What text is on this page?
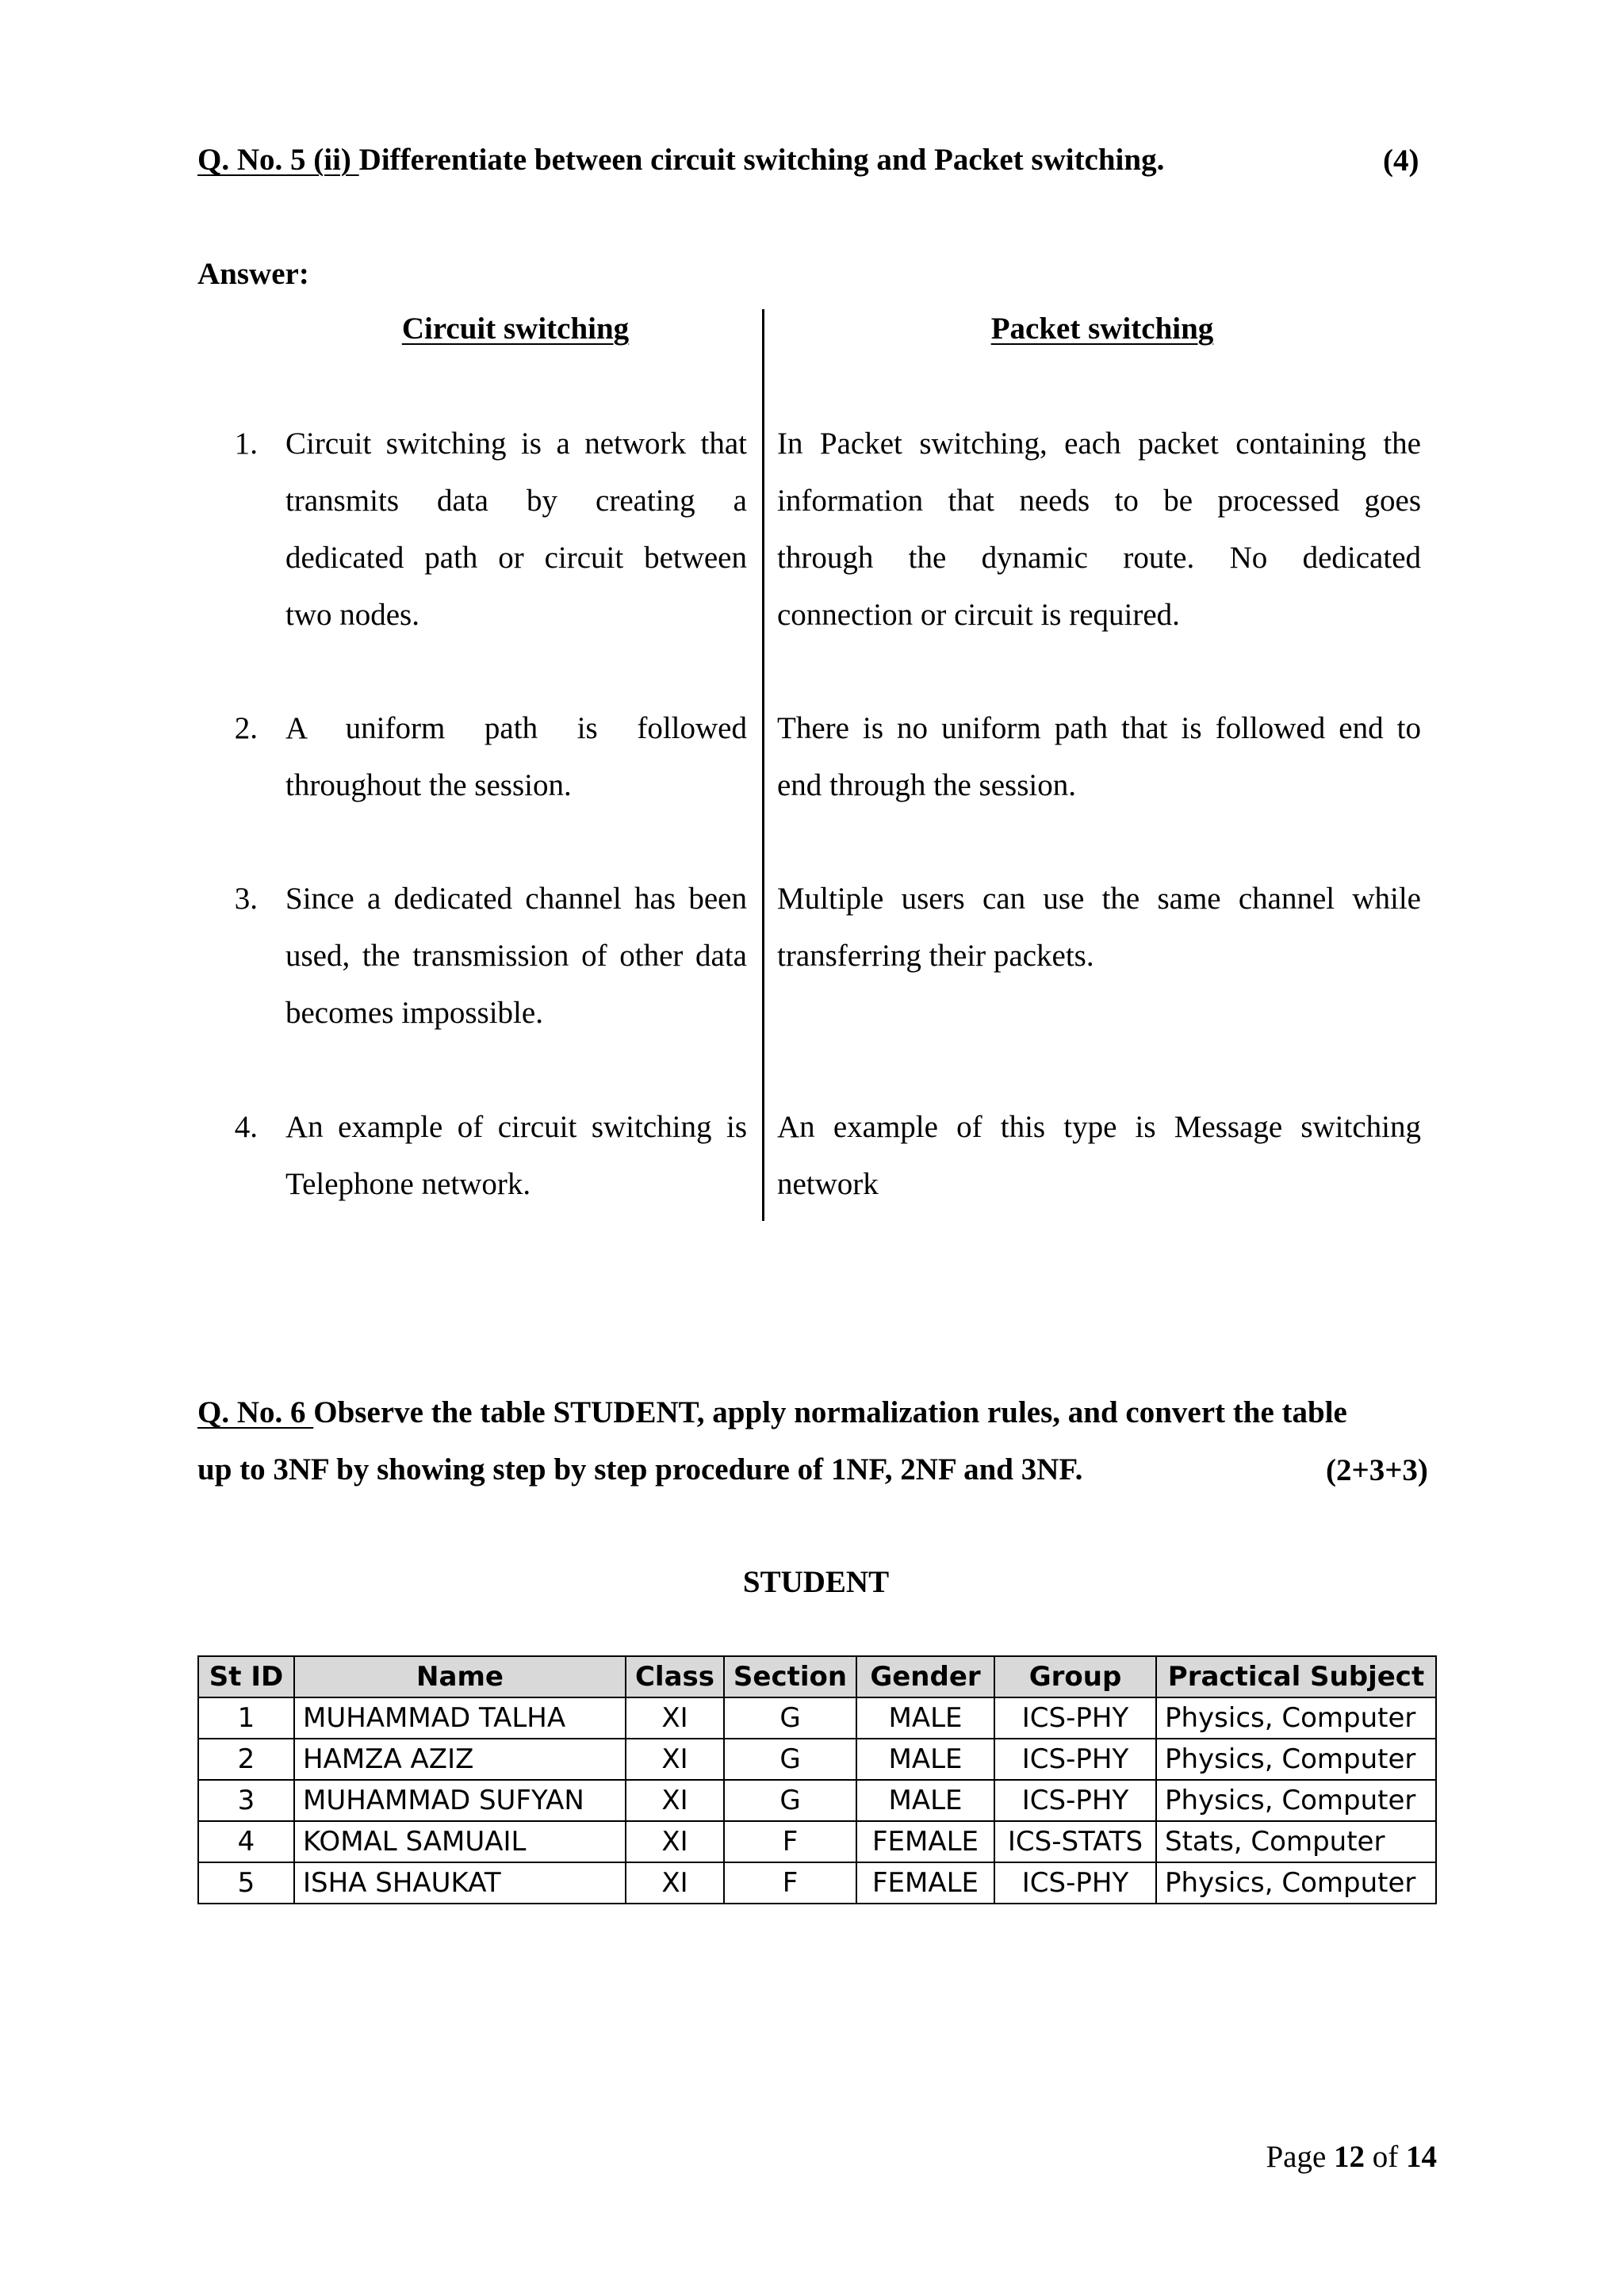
Q. No. 5 (ii) Differentiate between circuit switching and Packet switching.	(4)
Answer:
Circuit switching	Packet switching
1. Circuit switching is a network that transmits data by creating a dedicated path or circuit between two nodes.
In Packet switching, each packet containing the information that needs to be processed goes through the dynamic route. No dedicated connection or circuit is required.
2. A uniform path is followed throughout the session.
There is no uniform path that is followed end to end through the session.
3. Since a dedicated channel has been used, the transmission of other data becomes impossible.
Multiple users can use the same channel while transferring their packets.
4. An example of circuit switching is Telephone network.
An example of this type is Message switching network
Q. No. 6 Observe the table STUDENT, apply normalization rules, and convert the table
up to 3NF by showing step by step procedure of 1NF, 2NF and 3NF.	(2+3+3)
STUDENT
St ID	Name	Class	Section	Gender	Group	Practical Subject
1	MUHAMMAD TALHA	XI	G	MALE	ICS-PHY	Physics, Computer
2	HAMZA AZIZ	XI	G	MALE	ICS-PHY	Physics, Computer
3	MUHAMMAD SUFYAN	XI	G	MALE	ICS-PHY	Physics, Computer
4	KOMAL SAMUAIL	XI	F	FEMALE	ICS-STATS	Stats, Computer
5	ISHA SHAUKAT	XI	F	FEMALE	ICS-PHY	Physics, Computer
Page 12 of 14
